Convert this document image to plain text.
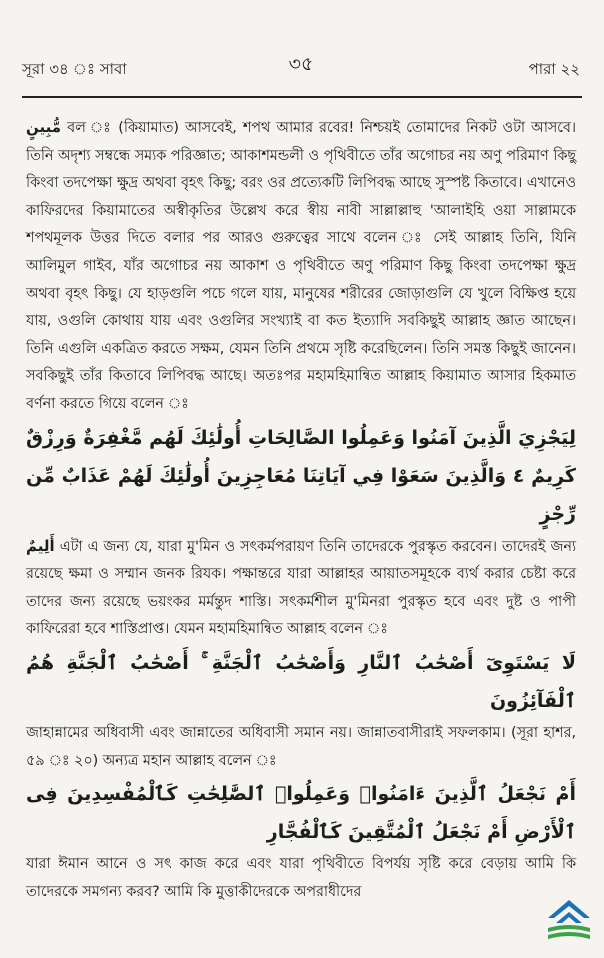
সূরা ৩৪ ঃ সাবা	৩৫	পারা ২২

مُّبِينٍ বল ঃ (কিয়ামাত) আসবেই, শপথ আমার রবের! নিশ্চয়ই তোমাদের নিকট ওটা আসবে। তিনি অদৃশ্য সম্বন্ধে সম্যক পরিজ্ঞাত; আকাশমন্ডলী ও পৃথিবীতে তাঁর অগোচর নয় অণু পরিমাণ কিছু কিংবা তদপেক্ষা ক্ষুদ্র অথবা বৃহৎ কিছু; বরং ওর প্রত্যেকটি লিপিবদ্ধ আছে সুস্পষ্ট কিতাবে। এখানেও কাফিরদের কিয়ামাতের অস্বীকৃতির উল্লেখ করে স্বীয় নাবী সাল্লাল্লাহু 'আলাইহি ওয়া সাল্লামকে শপথমূলক উত্তর দিতে বলার পর আরও গুরুত্বের সাথে বলেন ঃ সেই আল্লাহ তিনি, যিনি আলিমুল গাইব, যাঁর অগোচর নয় আকাশ ও পৃথিবীতে অণু পরিমাণ কিছু কিংবা তদপেক্ষা ক্ষুদ্র অথবা বৃহৎ কিছু। যে হাড়গুলি পচে গলে যায়, মানুষের শরীরের জোড়াগুলি যে খুলে বিক্ষিপ্ত হয়ে যায়, ওগুলি কোথায় যায় এবং ওগুলির সংখ্যাই বা কত ইত্যাদি সবকিছুই আল্লাহ জ্ঞাত আছেন। তিনি এগুলি একত্রিত করতে সক্ষম, যেমন তিনি প্রথমে সৃষ্টি করেছিলেন। তিনি সমস্ত কিছুই জানেন। সবকিছুই তাঁর কিতাবে লিপিবদ্ধ আছে। অতঃপর মহামহিমান্বিত আল্লাহ কিয়ামাত আসার হিকমাত বর্ণনা করতে গিয়ে বলেন ঃ

لِيَجْزِيَ الَّذِينَ آمَنُوا وَعَمِلُوا الصَّالِحَاتِ أُولَٰئِكَ لَهُم مَّغْفِرَةٌ وَرِزْقٌ كَرِيمٌ ٤ وَالَّذِينَ سَعَوْا فِي آيَاتِنَا مُعَاجِزِينَ أُولَٰئِكَ لَهُمْ عَذَابٌ مِّن رِّجْزٍ

أَلِيمٌ এটা এ জন্য যে, যারা মু'মিন ও সৎকর্মপরায়ণ তিনি তাদেরকে পুরস্কৃত করবেন। তাদেরই জন্য রয়েছে ক্ষমা ও সম্মান জনক রিযক। পক্ষান্তরে যারা আল্লাহর আয়াতসমূহকে ব্যর্থ করার চেষ্টা করে তাদের জন্য রয়েছে ভয়ংকর মর্মন্তুদ শাস্তি। সৎকর্মশীল মু'মিনরা পুরস্কৃত হবে এবং দুষ্ট ও পাপী কাফিরেরা হবে শাস্তিপ্রাপ্ত। যেমন মহামহিমান্বিত আল্লাহ বলেন ঃ

لَا يَسْتَوِىٓ أَصْحَٰبُ ٱلنَّارِ وَأَصْحَٰبُ ٱلْجَنَّةِ ۚ أَصْحَٰبُ ٱلْجَنَّةِ هُمُ ٱلْفَآئِزُونَ

জাহান্নামের অধিবাসী এবং জান্নাতের অধিবাসী সমান নয়। জান্নাতবাসীরাই সফলকাম। (সূরা হাশর, ৫৯ ঃ ২০) অন্যত্র মহান আল্লাহ বলেন ঃ

أَمْ نَجْعَلُ ٱلَّذِينَ ءَامَنُوا۟ وَعَمِلُوا۟ ٱلصَّٰلِحَٰتِ كَٱلْمُفْسِدِينَ فِى ٱلْأَرْضِ أَمْ نَجْعَلُ ٱلْمُتَّقِينَ كَٱلْفُجَّارِ

যারা ঈমান আনে ও সৎ কাজ করে এবং যারা পৃথিবীতে বিপর্যয় সৃষ্টি করে বেড়ায় আমি কি তাদেরকে সমগন্য করব? আমি কি মুত্তাকীদেরকে অপরাধীদের
